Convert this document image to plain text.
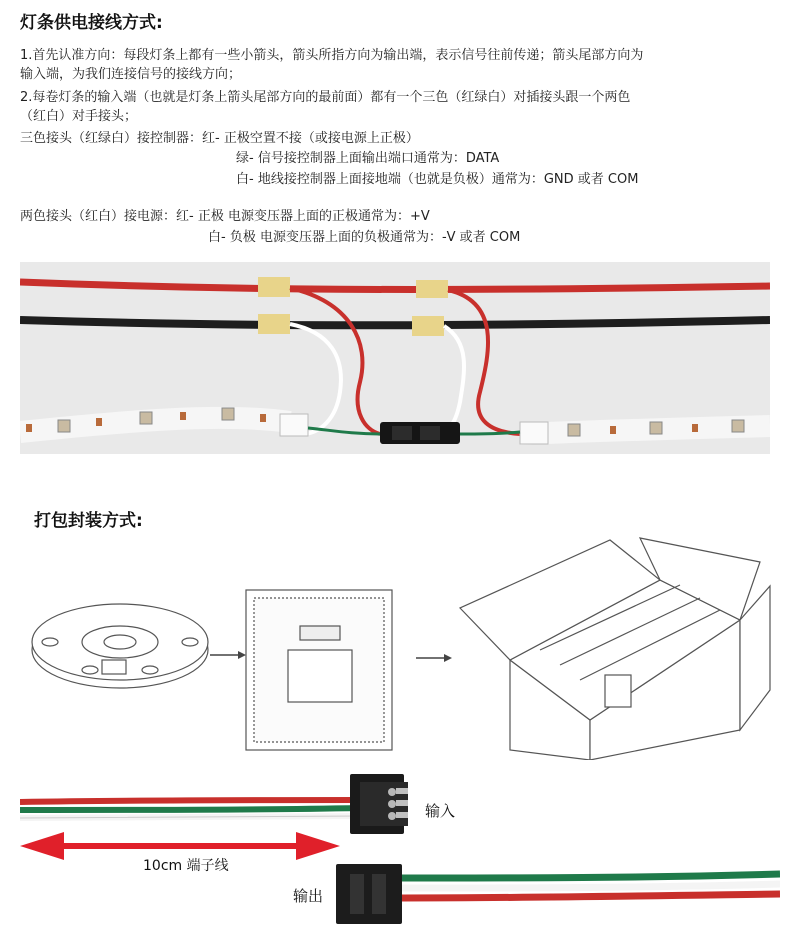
灯条供电接线方式:
1.首先认准方向：每段灯条上都有一些小箭头，箭头所指方向为输出端，表示信号往前传递；箭头尾部方向为
输入端，为我们连接信号的接线方向；
2.每卷灯条的输入端（也就是灯条上箭头尾部方向的最前面）都有一个三色（红绿白）对插接头跟一个两色
（红白）对手接头；
三色接头（红绿白）接控制器：红- 正极空置不接（或接电源上正极）
绿- 信号接控制器上面输出端口通常为：DATA
白- 地线接控制器上面接地端（也就是负极）通常为：GND 或者 COM
两色接头（红白）接电源：红- 正极 电源变压器上面的正极通常为：+V
白- 负极 电源变压器上面的负极通常为：-V 或者 COM
打包封装方式:
输入
10cm 端子线
输出
